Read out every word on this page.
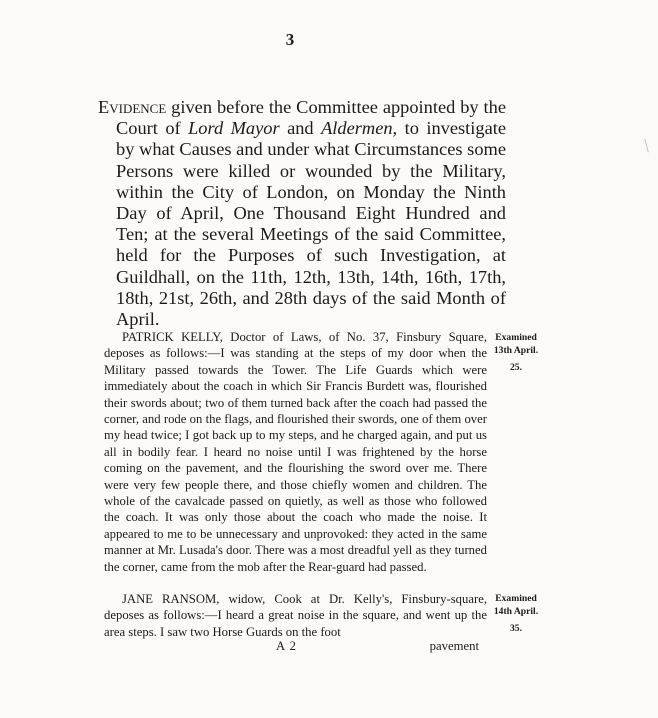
3
Evidence given before the Committee appointed by the Court of Lord Mayor and Aldermen, to investigate by what Causes and under what Circumstances some Persons were killed or wounded by the Military, within the City of London, on Monday the Ninth Day of April, One Thousand Eight Hundred and Ten; at the several Meetings of the said Committee, held for the Purposes of such Investigation, at Guildhall, on the 11th, 12th, 13th, 14th, 16th, 17th, 18th, 21st, 26th, and 28th days of the said Month of April.
PATRICK KELLY, Doctor of Laws, of No. 37, Finsbury Square, deposes as follows:—I was standing at the steps of my door when the Military passed towards the Tower. The Life Guards which were immediately about the coach in which Sir Francis Burdett was, flourished their swords about; two of them turned back after the coach had passed the corner, and rode on the flags, and flourished their swords, one of them over my head twice; I got back up to my steps, and he charged again, and put us all in bodily fear. I heard no noise until I was frightened by the horse coming on the pavement, and the flourishing the sword over me. There were very few people there, and those chiefly women and children. The whole of the cavalcade passed on quietly, as well as those who followed the coach. It was only those about the coach who made the noise. It appeared to me to be unnecessary and unprovoked: they acted in the same manner at Mr. Lusada's door. There was a most dreadful yell as they turned the corner, came from the mob after the Rear-guard had passed.
Examined
13th April.
25.
JANE RANSOM, widow, Cook at Dr. Kelly's, Finsbury-square, deposes as follows:—I heard a great noise in the square, and went up the area steps. I saw two Horse Guards on the foot
Examined
14th April.
35.
A 2	pavement
